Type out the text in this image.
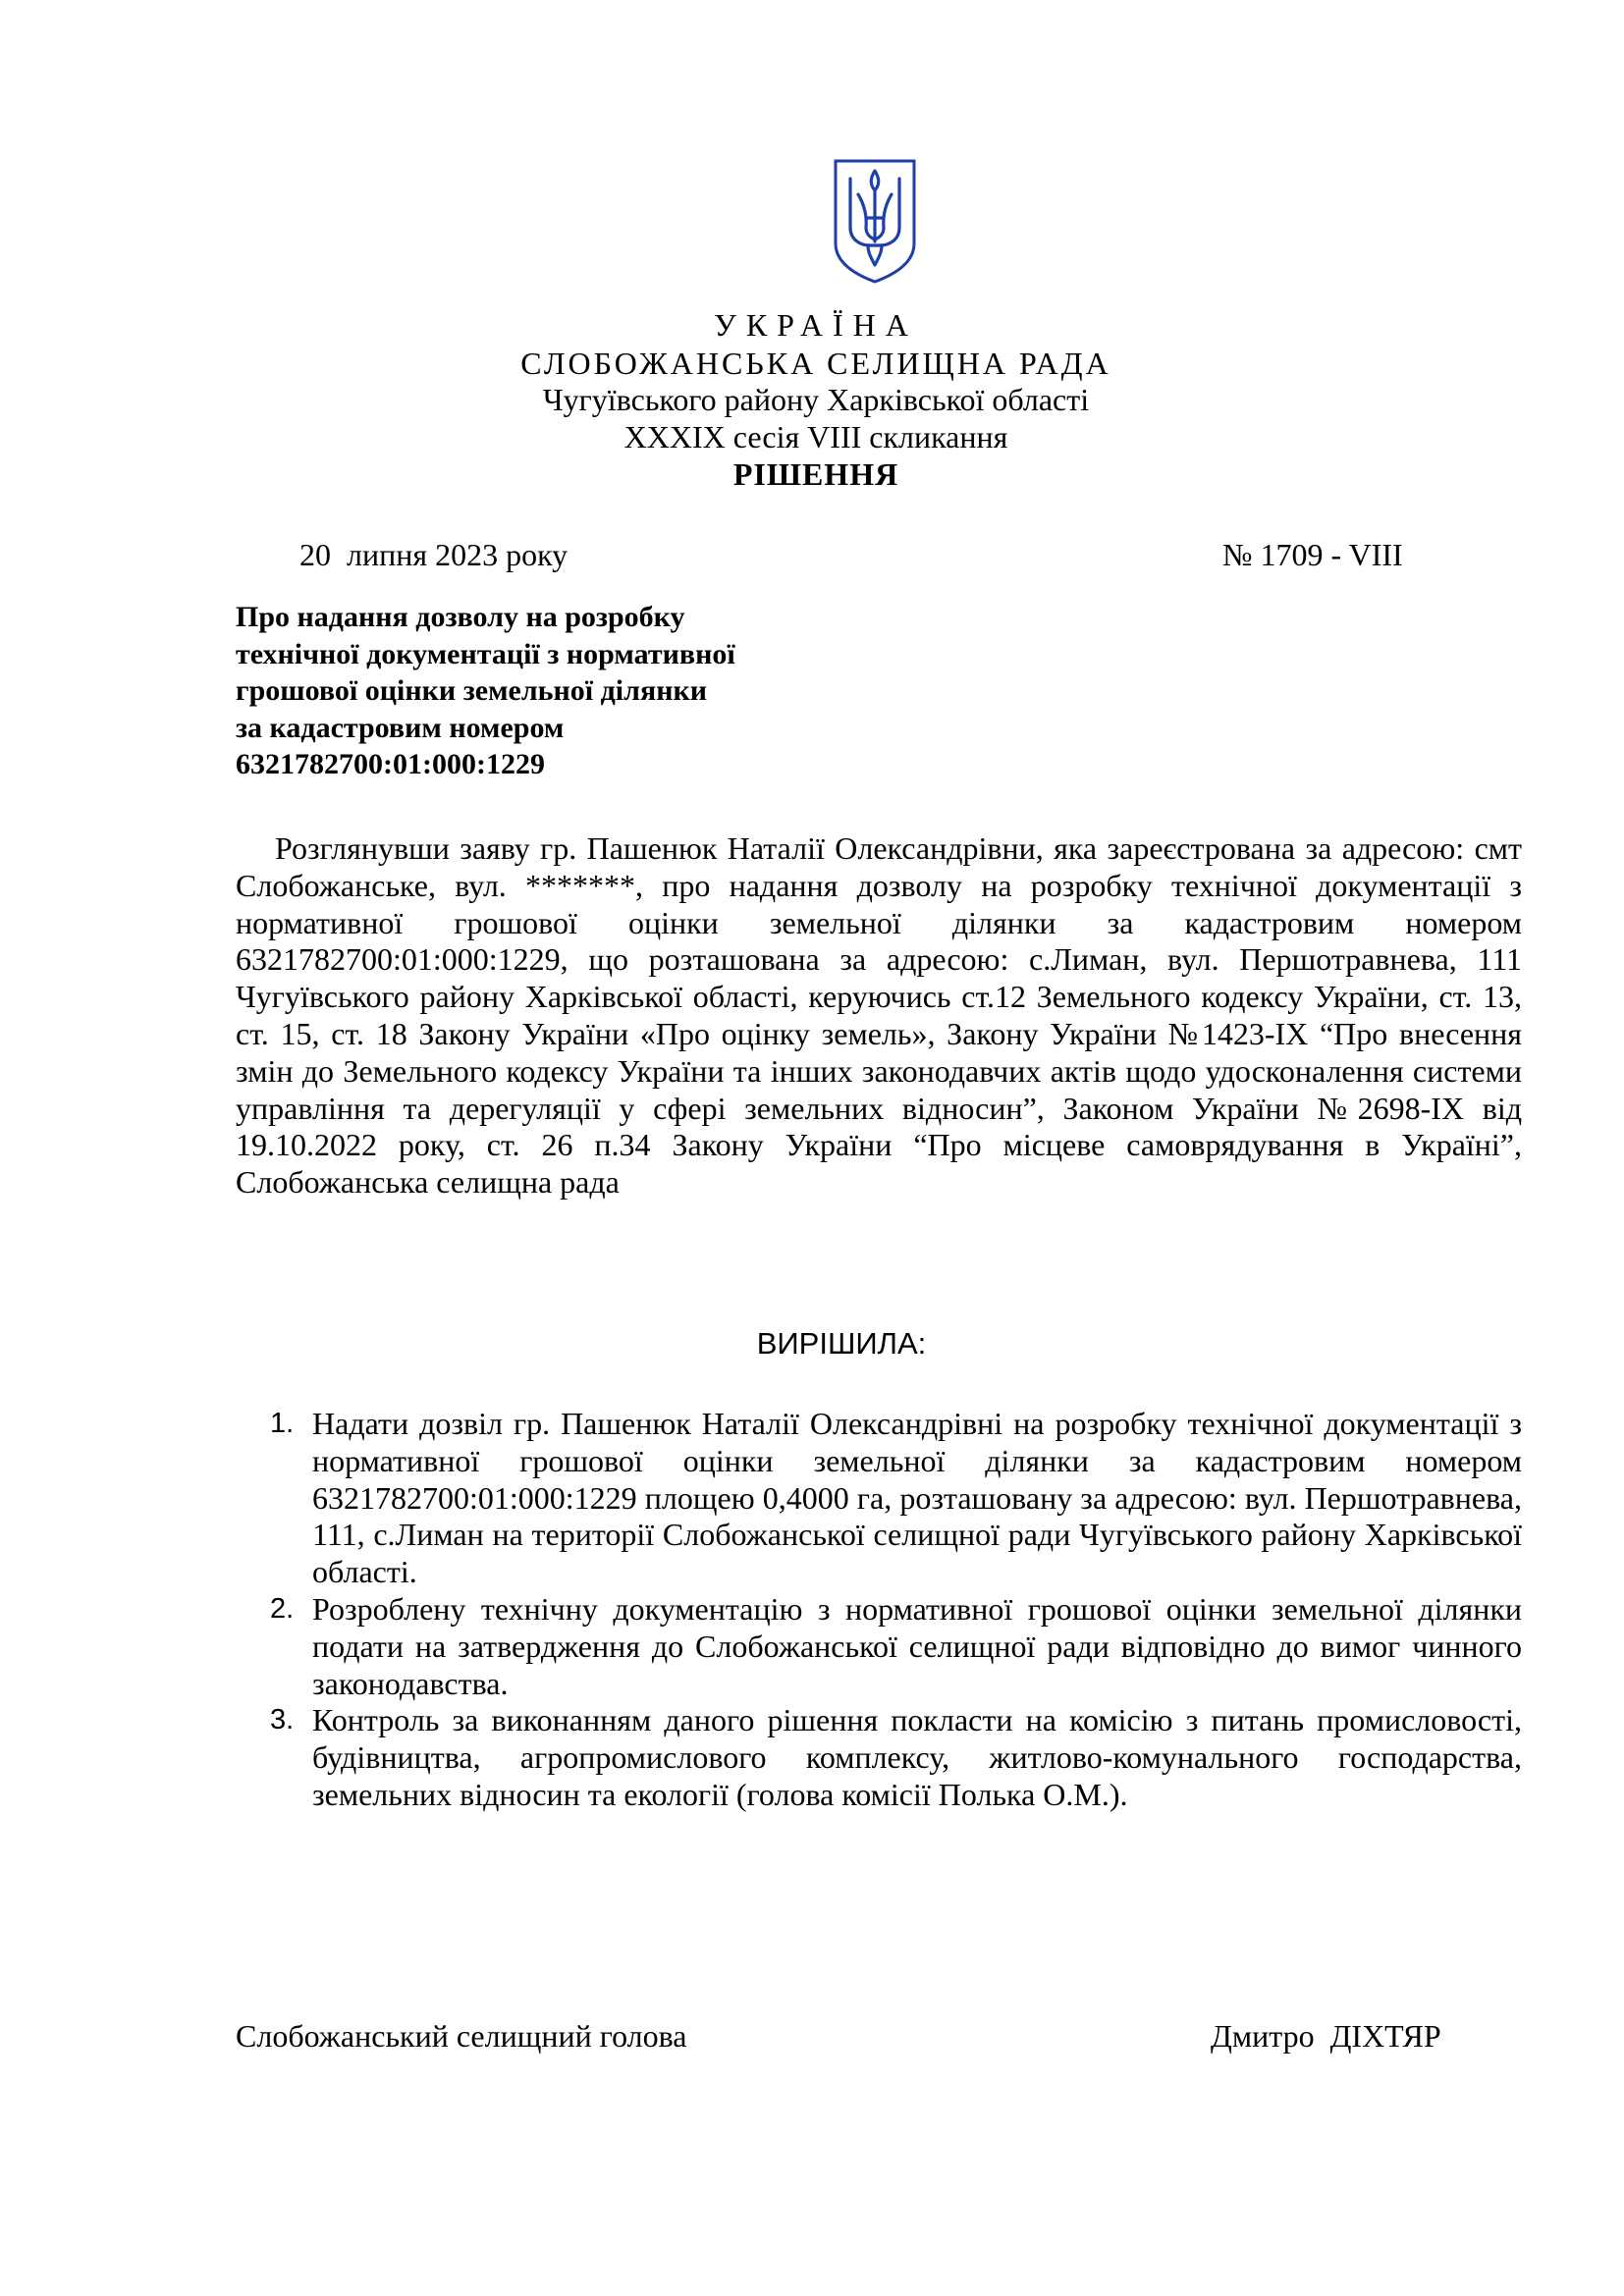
УКРАЇНА
СЛОБОЖАНСЬКА СЕЛИЩНА РАДА
Чугуївського району Харківської області
XXXIX сесія VIII скликання
РІШЕННЯ
20  липня 2023 року	№ 1709 - VIII
Про надання дозволу на розробку
технічної документації з нормативної
грошової оцінки земельної ділянки
за кадастровим номером
6321782700:01:000:1229
Розглянувши заяву гр. Пашенюк Наталії Олександрівни, яка зареєстрована за адресою: смт Слобожанське, вул. *******, про надання дозволу на розробку технічної документації з нормативної грошової оцінки земельної ділянки за кадастровим номером 6321782700:01:000:1229, що розташована за адресою: с.Лиман, вул. Першотравнева, 111 Чугуївського району Харківської області, керуючись ст.12 Земельного кодексу України, ст. 13, ст. 15, ст. 18 Закону України «Про оцінку земель», Закону України №1423-IX “Про внесення змін до Земельного кодексу України та інших законодавчих актів щодо удосконалення системи управління та дерегуляції у сфері земельних відносин”, Законом України №2698-IX від 19.10.2022 року, ст. 26 п.34 Закону України “Про місцеве самоврядування в Україні”, Слобожанська селищна рада
ВИРІШИЛА:
1. Надати дозвіл гр. Пашенюк Наталії Олександрівні на розробку технічної документації з нормативної грошової оцінки земельної ділянки за кадастровим номером 6321782700:01:000:1229 площею 0,4000 га, розташовану за адресою: вул. Першотравнева, 111, с.Лиман на території Слобожанської селищної ради Чугуївського району Харківської області.
2. Розроблену технічну документацію з нормативної грошової оцінки земельної ділянки подати на затвердження до Слобожанської селищної ради відповідно до вимог чинного законодавства.
3. Контроль за виконанням даного рішення покласти на комісію з питань промисловості, будівництва, агропромислового комплексу, житлово-комунального господарства, земельних відносин та екології (голова комісії Полька О.М.).
Слобожанський селищний голова	Дмитро  ДІХТЯР
